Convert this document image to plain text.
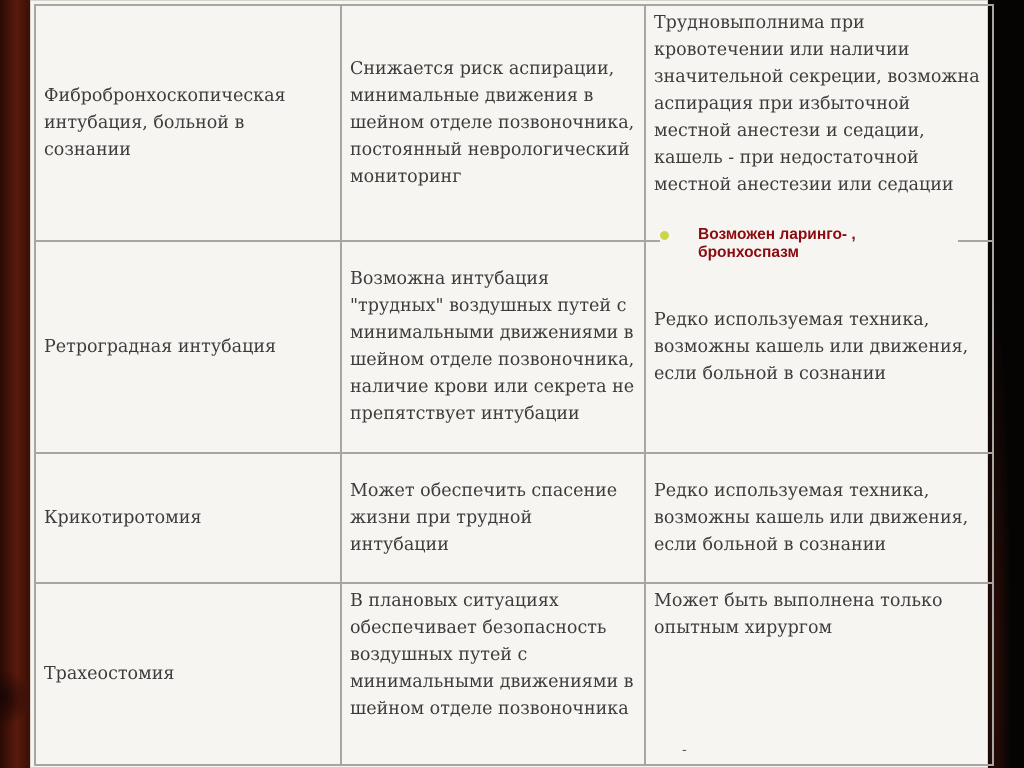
Фибробронхоскопическая интубация, больной в сознании	Снижается риск аспирации, минимальные движения в шейном отделе позвоночника, постоянный неврологический мониторинг	Трудновыполнима при кровотечении или наличии значительной секреции, возможна аспирация при избыточной местной анестези и седации, кашель - при недостаточной местной анестезии или седации

Ретроградная интубация	Возможна интубация "трудных" воздушных путей с минимальными движениями в шейном отделе позвоночника, наличие крови или секрета не препятствует интубации	Редко используемая техника, возможны кашель или движения, если больной в сознании

Крикотиротомия	Может обеспечить спасение жизни при трудной интубации	Редко используемая техника, возможны кашель или движения, если больной в сознании

Трахеостомия	В плановых ситуациях обеспечивает безопасность воздушных путей с минимальными движениями в шейном отделе позвоночника	Может быть выполнена только опытным хирургом
Возможен ларинго- , бронхоспазм
-
